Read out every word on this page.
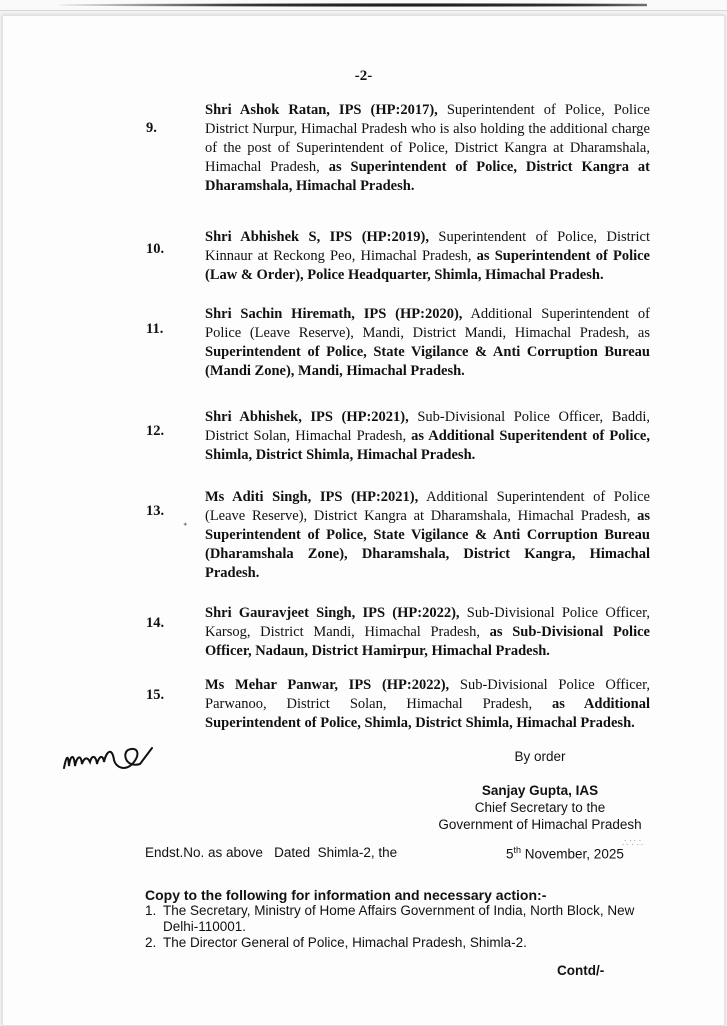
-2-
9.
Shri Ashok Ratan, IPS (HP:2017), Superintendent of Police, Police District Nurpur, Himachal Pradesh who is also holding the additional charge of the post of Superintendent of Police, District Kangra at Dharamshala, Himachal Pradesh, as Superintendent of Police, District Kangra at Dharamshala, Himachal Pradesh.
10.
Shri Abhishek S, IPS (HP:2019), Superintendent of Police, District Kinnaur at Reckong Peo, Himachal Pradesh, as Superintendent of Police (Law & Order), Police Headquarter, Shimla, Himachal Pradesh.
11.
Shri Sachin Hiremath, IPS (HP:2020), Additional Superintendent of Police (Leave Reserve), Mandi, District Mandi, Himachal Pradesh, as Superintendent of Police, State Vigilance & Anti Corruption Bureau (Mandi Zone), Mandi, Himachal Pradesh.
12.
Shri Abhishek, IPS (HP:2021), Sub-Divisional Police Officer, Baddi, District Solan, Himachal Pradesh, as Additional Superitendent of Police, Shimla, District Shimla, Himachal Pradesh.
13.
Ms Aditi Singh, IPS (HP:2021), Additional Superintendent of Police (Leave Reserve), District Kangra at Dharamshala, Himachal Pradesh, as Superintendent of Police, State Vigilance & Anti Corruption Bureau (Dharamshala Zone), Dharamshala, District Kangra, Himachal Pradesh.
14.
Shri Gauravjeet Singh, IPS (HP:2022), Sub-Divisional Police Officer, Karsog, District Mandi, Himachal Pradesh, as Sub-Divisional Police Officer, Nadaun, District Hamirpur, Himachal Pradesh.
15.
Ms Mehar Panwar, IPS (HP:2022), Sub-Divisional Police Officer, Parwanoo, District Solan, Himachal Pradesh, as Additional Superintendent of Police, Shimla, District Shimla, Himachal Pradesh.
ᐩ
By order
Sanjay Gupta, IAS
Chief Secretary to the
Government of Himachal Pradesh
Endst.No. as above   Dated  Shimla-2, the	5th November, 2025
∴∵∴
Copy to the following for information and necessary action:-
1. The Secretary, Ministry of Home Affairs Government of India, North Block, New Delhi-110001.
2. The Director General of Police, Himachal Pradesh, Shimla-2.
Contd/-
